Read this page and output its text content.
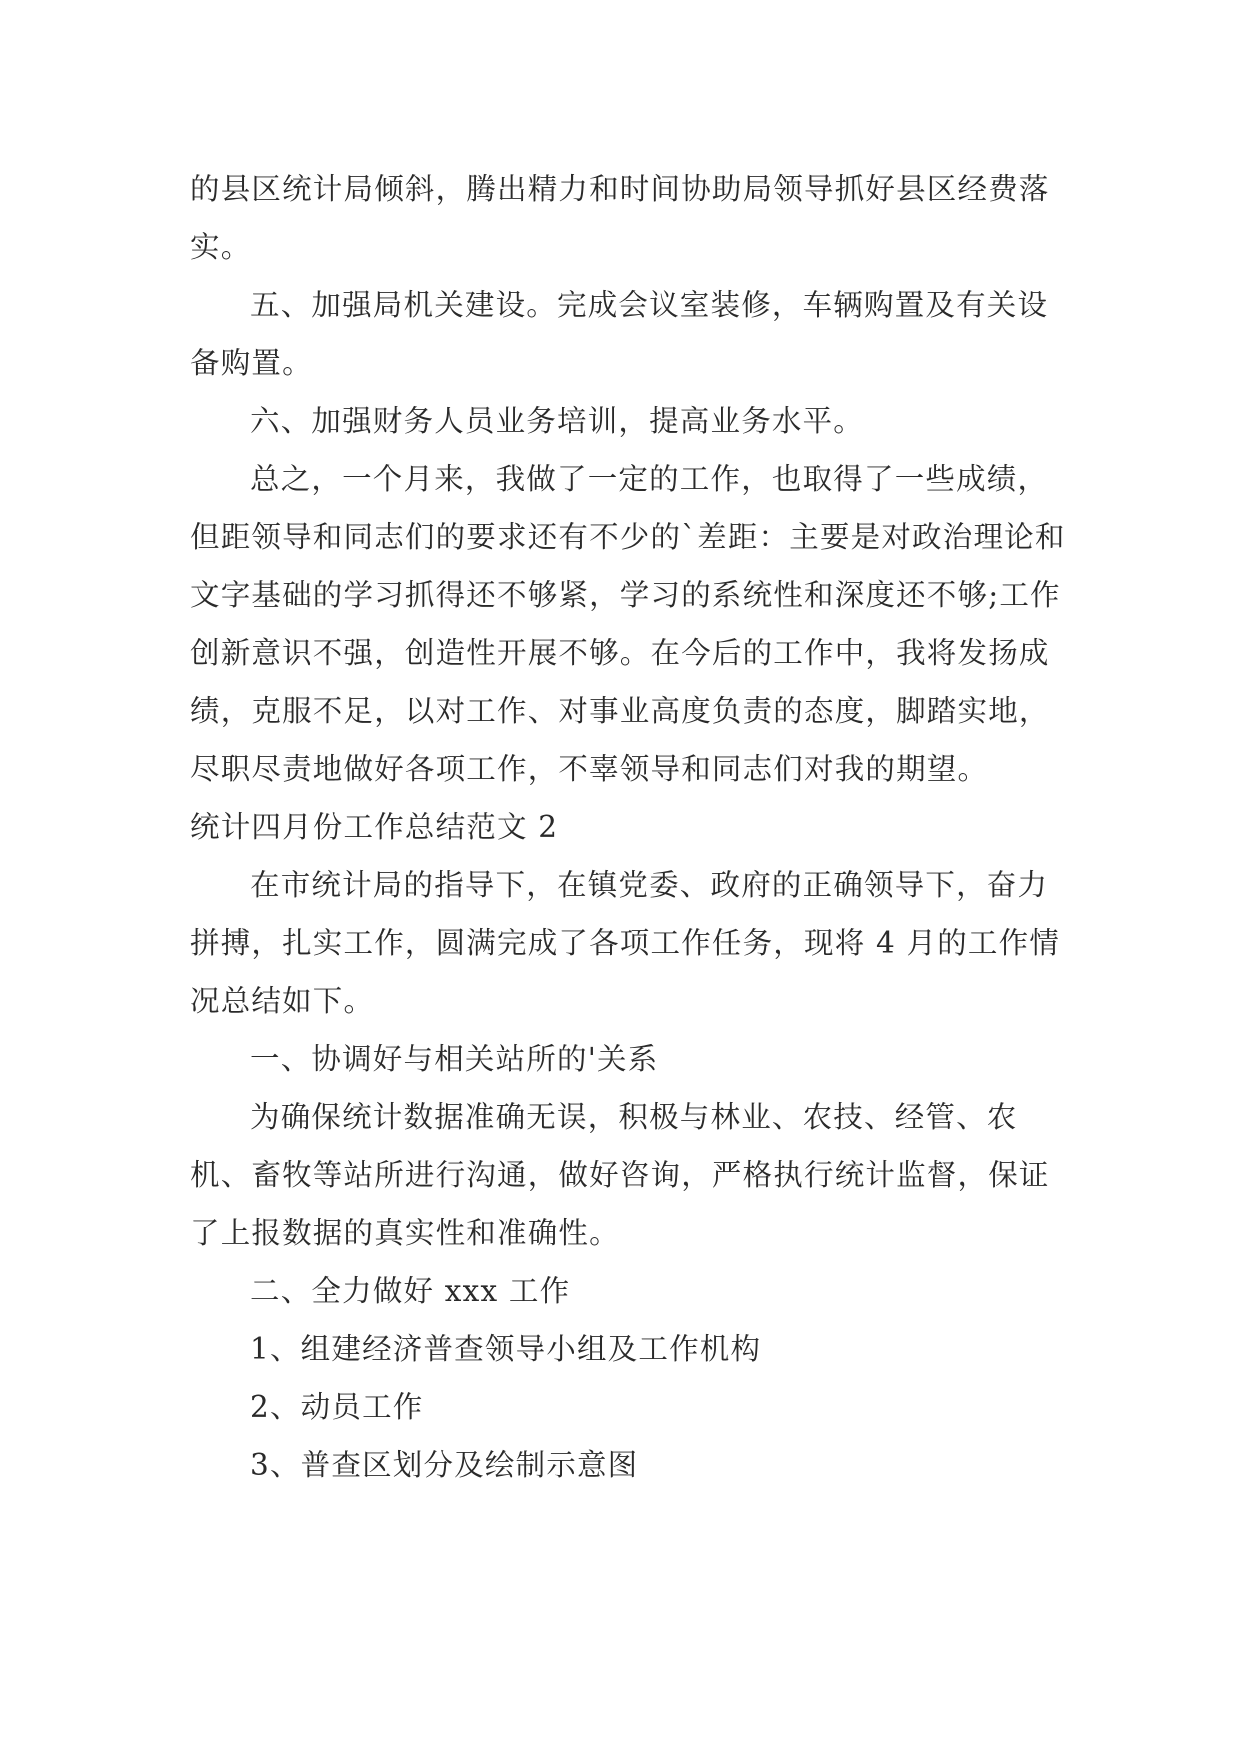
的县区统计局倾斜，腾出精力和时间协助局领导抓好县区经费落实。

五、加强局机关建设。完成会议室装修，车辆购置及有关设备购置。

六、加强财务人员业务培训，提高业务水平。

总之，一个月来，我做了一定的工作，也取得了一些成绩，但距领导和同志们的要求还有不少的`差距：主要是对政治理论和文字基础的学习抓得还不够紧，学习的系统性和深度还不够;工作创新意识不强，创造性开展不够。在今后的工作中，我将发扬成绩，克服不足，以对工作、对事业高度负责的态度，脚踏实地，尽职尽责地做好各项工作，不辜领导和同志们对我的期望。

统计四月份工作总结范文 2

在市统计局的指导下，在镇党委、政府的正确领导下，奋力拼搏，扎实工作，圆满完成了各项工作任务，现将 4 月的工作情况总结如下。

一、协调好与相关站所的'关系

为确保统计数据准确无误，积极与林业、农技、经管、农机、畜牧等站所进行沟通，做好咨询，严格执行统计监督，保证了上报数据的真实性和准确性。

二、全力做好 xxx 工作

1、组建经济普查领导小组及工作机构

2、动员工作

3、普查区划分及绘制示意图
